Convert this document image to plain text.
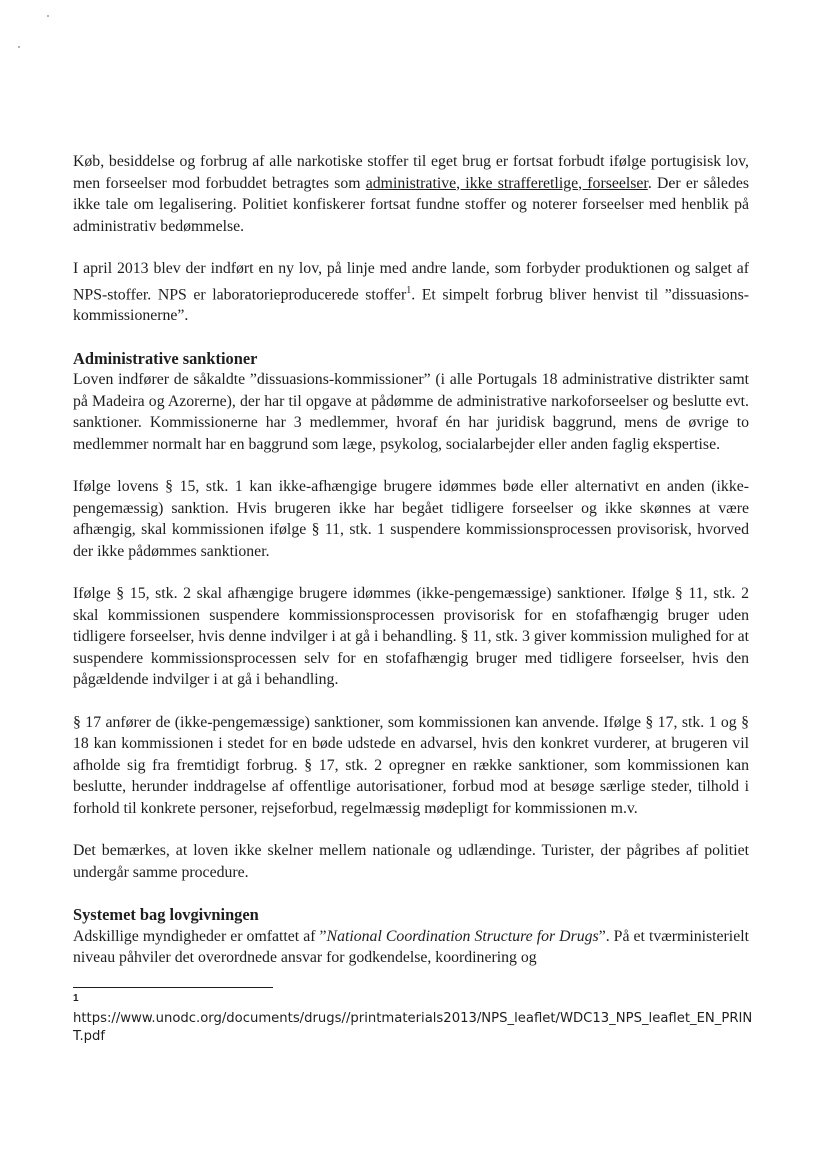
Køb, besiddelse og forbrug af alle narkotiske stoffer til eget brug er fortsat forbudt ifølge portugisisk lov, men forseelser mod forbuddet betragtes som administrative, ikke strafferetlige, forseelser. Der er således ikke tale om legalisering. Politiet konfiskerer fortsat fundne stoffer og noterer forseelser med henblik på administrativ bedømmelse.

I april 2013 blev der indført en ny lov, på linje med andre lande, som forbyder produktionen og salget af NPS-stoffer. NPS er laboratorieproducerede stoffer$^1$. Et simpelt forbrug bliver henvist til ”dissuasions-kommissionerne”.

Administrative sanktioner

Loven indfører de såkaldte ”dissuasions-kommissioner” (i alle Portugals 18 administrative distrikter samt på Madeira og Azorerne), der har til opgave at pådømme de administrative narkoforseelser og beslutte evt. sanktioner. Kommissionerne har 3 medlemmer, hvoraf én har juridisk baggrund, mens de øvrige to medlemmer normalt har en baggrund som læge, psykolog, socialarbejder eller anden faglig ekspertise.

Ifølge lovens § 15, stk. 1 kan ikke-afhængige brugere idømmes bøde eller alternativt en anden (ikke-pengemæssig) sanktion. Hvis brugeren ikke har begået tidligere forseelser og ikke skønnes at være afhængig, skal kommissionen ifølge § 11, stk. 1 suspendere kommissionsprocessen provisorisk, hvorved der ikke pådømmes sanktioner.

Ifølge § 15, stk. 2 skal afhængige brugere idømmes (ikke-pengemæssige) sanktioner. Ifølge § 11, stk. 2 skal kommissionen suspendere kommissionsprocessen provisorisk for en stofafhængig bruger uden tidligere forseelser, hvis denne indvilger i at gå i behandling. § 11, stk. 3 giver kommission mulighed for at suspendere kommissionsprocessen selv for en stofafhængig bruger med tidligere forseelser, hvis den pågældende indvilger i at gå i behandling.

§ 17 anfører de (ikke-pengemæssige) sanktioner, som kommissionen kan anvende. Ifølge § 17, stk. 1 og § 18 kan kommissionen i stedet for en bøde udstede en advarsel, hvis den konkret vurderer, at brugeren vil afholde sig fra fremtidigt forbrug. § 17, stk. 2 opregner en række sanktioner, som kommissionen kan beslutte, herunder inddragelse af offentlige autorisationer, forbud mod at besøge særlige steder, tilhold i forhold til konkrete personer, rejseforbud, regelmæssig mødepligt for kommissionen m.v.

Det bemærkes, at loven ikke skelner mellem nationale og udlændinge. Turister, der pågribes af politiet undergår samme procedure.

Systemet bag lovgivningen

Adskillige myndigheder er omfattet af ”National Coordination Structure for Drugs”. På et tværministerielt niveau påhviler det overordnede ansvar for godkendelse, koordinering og

1
https://www.unodc.org/documents/drugs//printmaterials2013/NPS_leaflet/WDC13_NPS_leaflet_EN_PRINT.pdf
